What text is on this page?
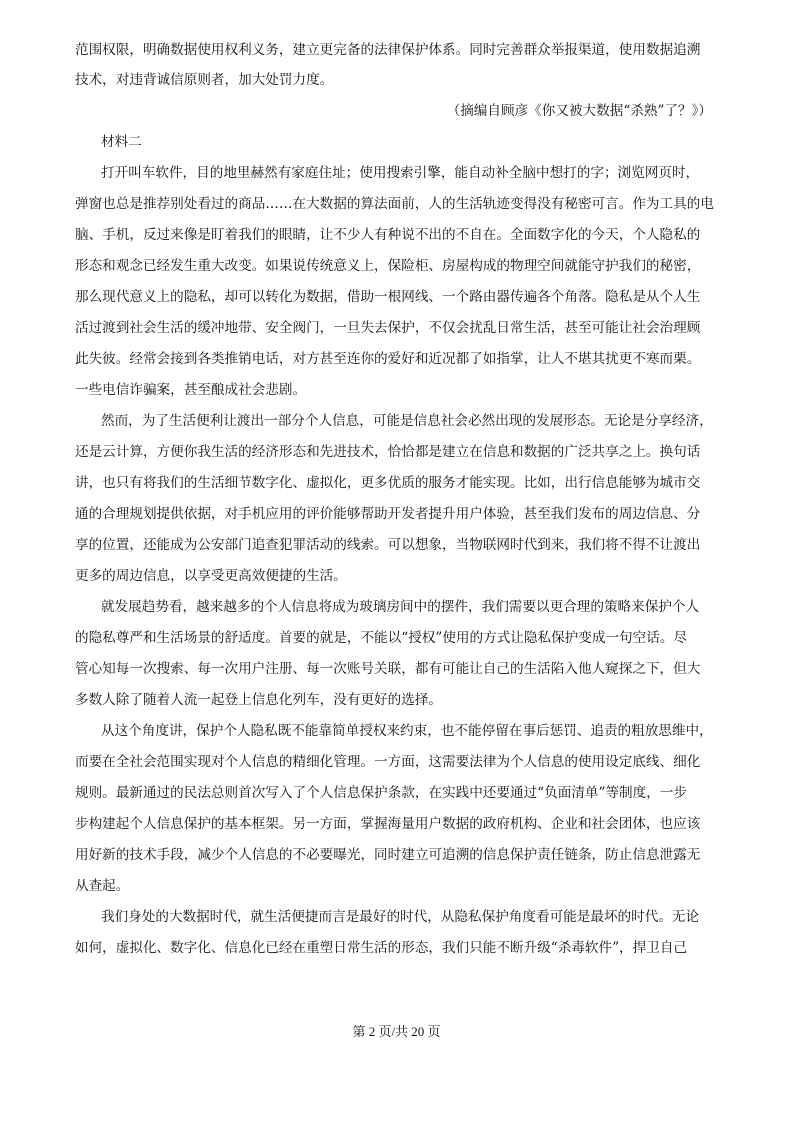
范围权限，明确数据使用权利义务，建立更完备的法律保护体系。同时完善群众举报渠道，使用数据追溯
技术，对违背诚信原则者，加大处罚力度。
（摘编自顾彦《你又被大数据“杀熟”了？》）
材料二
打开叫车软件，目的地里赫然有家庭住址；使用搜索引擎，能自动补全脑中想打的字；浏览网页时，
弹窗也总是推荐别处看过的商品……在大数据的算法面前，人的生活轨迹变得没有秘密可言。作为工具的电
脑、手机，反过来像是盯着我们的眼睛，让不少人有种说不出的不自在。全面数字化的今天，个人隐私的
形态和观念已经发生重大改变。如果说传统意义上，保险柜、房屋构成的物理空间就能守护我们的秘密，
那么现代意义上的隐私，却可以转化为数据，借助一根网线、一个路由器传遍各个角落。隐私是从个人生
活过渡到社会生活的缓冲地带、安全阀门，一旦失去保护，不仅会扰乱日常生活，甚至可能让社会治理顾
此失彼。经常会接到各类推销电话，对方甚至连你的爱好和近况都了如指掌，让人不堪其扰更不寒而栗。
一些电信诈骗案，甚至酿成社会悲剧。
然而，为了生活便利让渡出一部分个人信息，可能是信息社会必然出现的发展形态。无论是分享经济，
还是云计算，方便你我生活的经济形态和先进技术，恰恰都是建立在信息和数据的广泛共享之上。换句话
讲，也只有将我们的生活细节数字化、虚拟化，更多优质的服务才能实现。比如，出行信息能够为城市交
通的合理规划提供依据，对手机应用的评价能够帮助开发者提升用户体验，甚至我们发布的周边信息、分
享的位置，还能成为公安部门追查犯罪活动的线索。可以想象，当物联网时代到来，我们将不得不让渡出
更多的周边信息，以享受更高效便捷的生活。
就发展趋势看，越来越多的个人信息将成为玻璃房间中的摆件，我们需要以更合理的策略来保护个人
的隐私尊严和生活场景的舒适度。首要的就是，不能以“授权”使用的方式让隐私保护变成一句空话。尽
管心知每一次搜索、每一次用户注册、每一次账号关联，都有可能让自己的生活陷入他人窥探之下，但大
多数人除了随着人流一起登上信息化列车，没有更好的选择。
从这个角度讲，保护个人隐私既不能靠简单授权来约束，也不能停留在事后惩罚、追责的粗放思维中，
而要在全社会范围实现对个人信息的精细化管理。一方面，这需要法律为个人信息的使用设定底线、细化
规则。最新通过的民法总则首次写入了个人信息保护条款，在实践中还要通过“负面清单”等制度，一步
步构建起个人信息保护的基本框架。另一方面，掌握海量用户数据的政府机构、企业和社会团体，也应该
用好新的技术手段，减少个人信息的不必要曝光，同时建立可追溯的信息保护责任链条，防止信息泄露无
从查起。
我们身处的大数据时代，就生活便捷而言是最好的时代，从隐私保护角度看可能是最坏的时代。无论
如何，虚拟化、数字化、信息化已经在重塑日常生活的形态，我们只能不断升级“杀毒软件”，捍卫自己
第 2 页/共 20 页
